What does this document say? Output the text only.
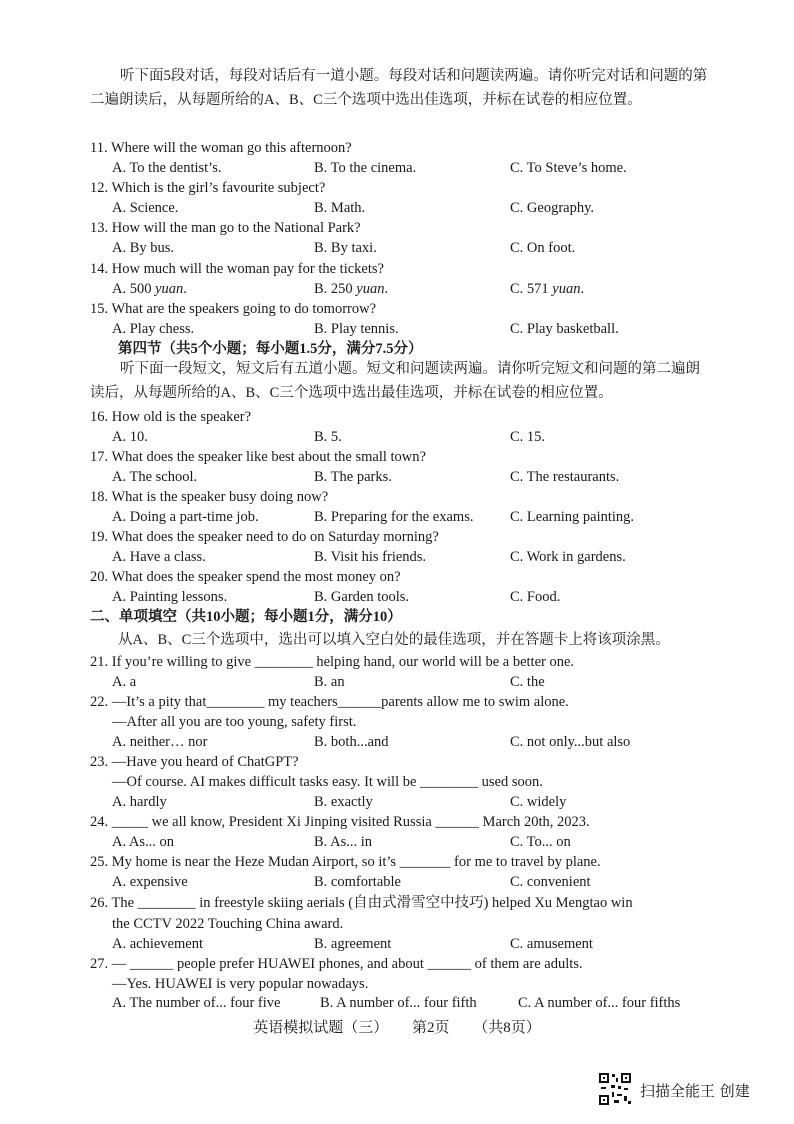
听下面5段对话，每段对话后有一道小题。每段对话和问题读两遍。请你听完对话和问题的第二遍朗读后，从每题所给的A、B、C三个选项中选出佳选项，并标在试卷的相应位置。
11. Where will the woman go this afternoon?
A. To the dentist’s.	B. To the cinema.	C. To Steve’s home.
12. Which is the girl’s favourite subject?
A. Science.	B. Math.	C. Geography.
13. How will the man go to the National Park?
A. By bus.	B. By taxi.	C. On foot.
14. How much will the woman pay for the tickets?
A. 500 yuan.	B. 250 yuan.	C. 571 yuan.
15. What are the speakers going to do tomorrow?
A. Play chess.	B. Play tennis.	C. Play basketball.
第四节（共5个小题；每小题1.5分，满分7.5分）
听下面一段短文，短文后有五道小题。短文和问题读两遍。请你听完短文和问题的第二遍朗读后，从每题所给的A、B、C三个选项中选出最佳选项，并标在试卷的相应位置。
16. How old is the speaker?
A. 10.	B. 5.	C. 15.
17. What does the speaker like best about the small town?
A. The school.	B. The parks.	C. The restaurants.
18. What is the speaker busy doing now?
A. Doing a part-time job.	B. Preparing for the exams.	C. Learning painting.
19. What does the speaker need to do on Saturday morning?
A. Have a class.	B. Visit his friends.	C. Work in gardens.
20. What does the speaker spend the most money on?
A. Painting lessons.	B. Garden tools.	C. Food.
二、单项填空（共10小题；每小题1分，满分10）
从A、B、C三个选项中，选出可以填入空白处的最佳选项，并在答题卡上将该项涂黑。
21. If you’re willing to give ________ helping hand, our world will be a better one.
A. a	B. an	C. the
22. —It’s a pity that________ my teachers______parents allow me to swim alone.
—After all you are too young, safety first.
A. neither… nor	B. both...and	C. not only...but also
23. —Have you heard of ChatGPT?
—Of course. AI makes difficult tasks easy. It will be ________ used soon.
A. hardly	B. exactly	C. widely
24. _____ we all know, President Xi Jinping visited Russia ______ March 20th, 2023.
A. As... on	B. As... in	C. To... on
25. My home is near the Heze Mudan Airport, so it’s _______ for me to travel by plane.
A. expensive	B. comfortable	C. convenient
26. The ________ in freestyle skiing aerials (自由式滑雪空中技巧) helped Xu Mengtao win
the CCTV 2022 Touching China award.
A. achievement	B. agreement	C. amusement
27. — ______ people prefer HUAWEI phones, and about ______ of them are adults.
—Yes. HUAWEI is very popular nowadays.
A. The number of... four five	B. A number of... four fifth	C. A number of... four fifths
英语模拟试题（三） 第2页 （共8页）
扫描全能王 创建
